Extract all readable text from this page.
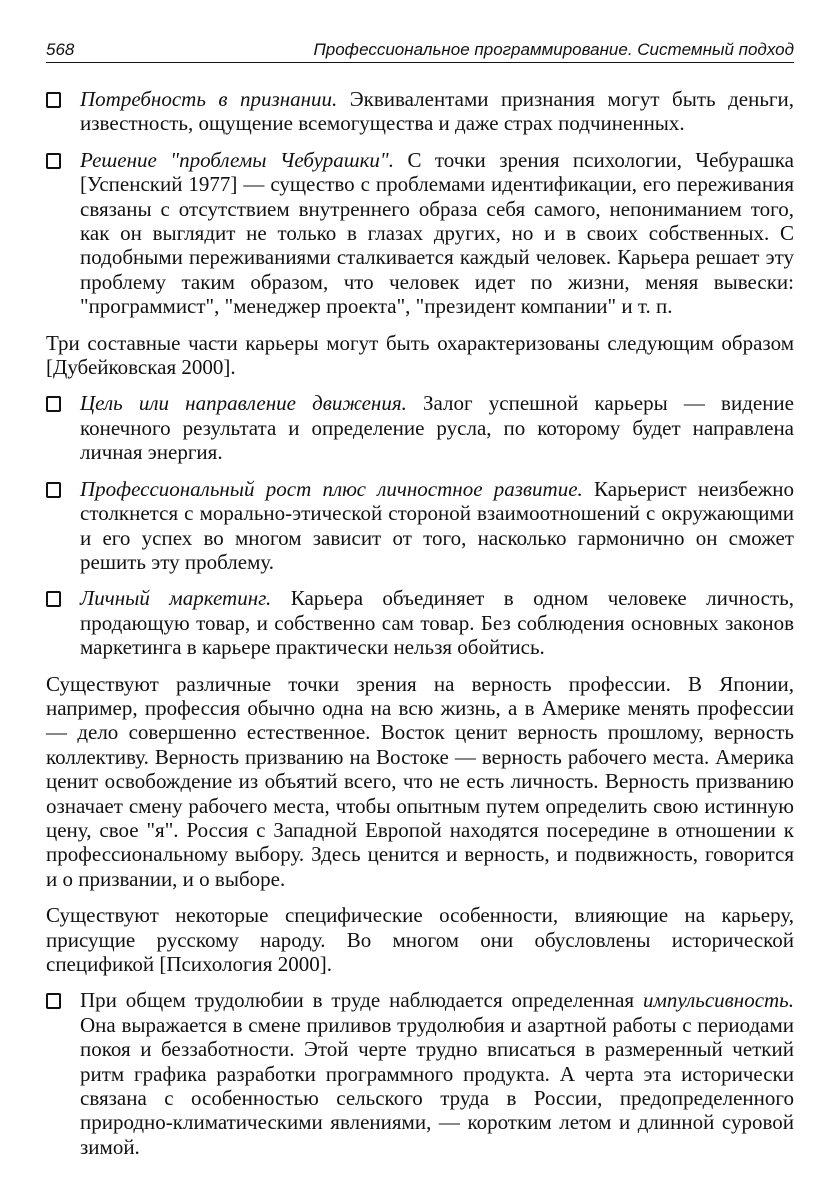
568	Профессиональное программирование. Системный подход

Потребность в признании. Эквивалентами признания могут быть деньги, известность, ощущение всемогущества и даже страх подчиненных.

Решение "проблемы Чебурашки". С точки зрения психологии, Чебурашка [Успенский 1977] — существо с проблемами идентификации, его переживания связаны с отсутствием внутреннего образа себя самого, непониманием того, как он выглядит не только в глазах других, но и в своих собственных. С подобными переживаниями сталкивается каждый человек. Карьера решает эту проблему таким образом, что человек идет по жизни, меняя вывески: "программист", "менеджер проекта", "президент компании" и т. п.

Три составные части карьеры могут быть охарактеризованы следующим образом [Дубейковская 2000].

Цель или направление движения. Залог успешной карьеры — видение конечного результата и определение русла, по которому будет направлена личная энергия.

Профессиональный рост плюс личностное развитие. Карьерист неизбежно столкнется с морально-этической стороной взаимоотношений с окружающими и его успех во многом зависит от того, насколько гармонично он сможет решить эту проблему.

Личный маркетинг. Карьера объединяет в одном человеке личность, продающую товар, и собственно сам товар. Без соблюдения основных законов маркетинга в карьере практически нельзя обойтись.

Существуют различные точки зрения на верность профессии. В Японии, например, профессия обычно одна на всю жизнь, а в Америке менять профессии — дело совершенно естественное. Восток ценит верность прошлому, верность коллективу. Верность призванию на Востоке — верность рабочего места. Америка ценит освобождение из объятий всего, что не есть личность. Верность призванию означает смену рабочего места, чтобы опытным путем определить свою истинную цену, свое "я". Россия с Западной Европой находятся посередине в отношении к профессиональному выбору. Здесь ценится и верность, и подвижность, говорится и о призвании, и о выборе.

Существуют некоторые специфические особенности, влияющие на карьеру, присущие русскому народу. Во многом они обусловлены исторической спецификой [Психология 2000].

При общем трудолюбии в труде наблюдается определенная импульсивность. Она выражается в смене приливов трудолюбия и азартной работы с периодами покоя и беззаботности. Этой черте трудно вписаться в размеренный четкий ритм графика разработки программного продукта. А черта эта исторически связана с особенностью сельского труда в России, предопределенного природно-климатическими явлениями, — коротким летом и длинной суровой зимой.
